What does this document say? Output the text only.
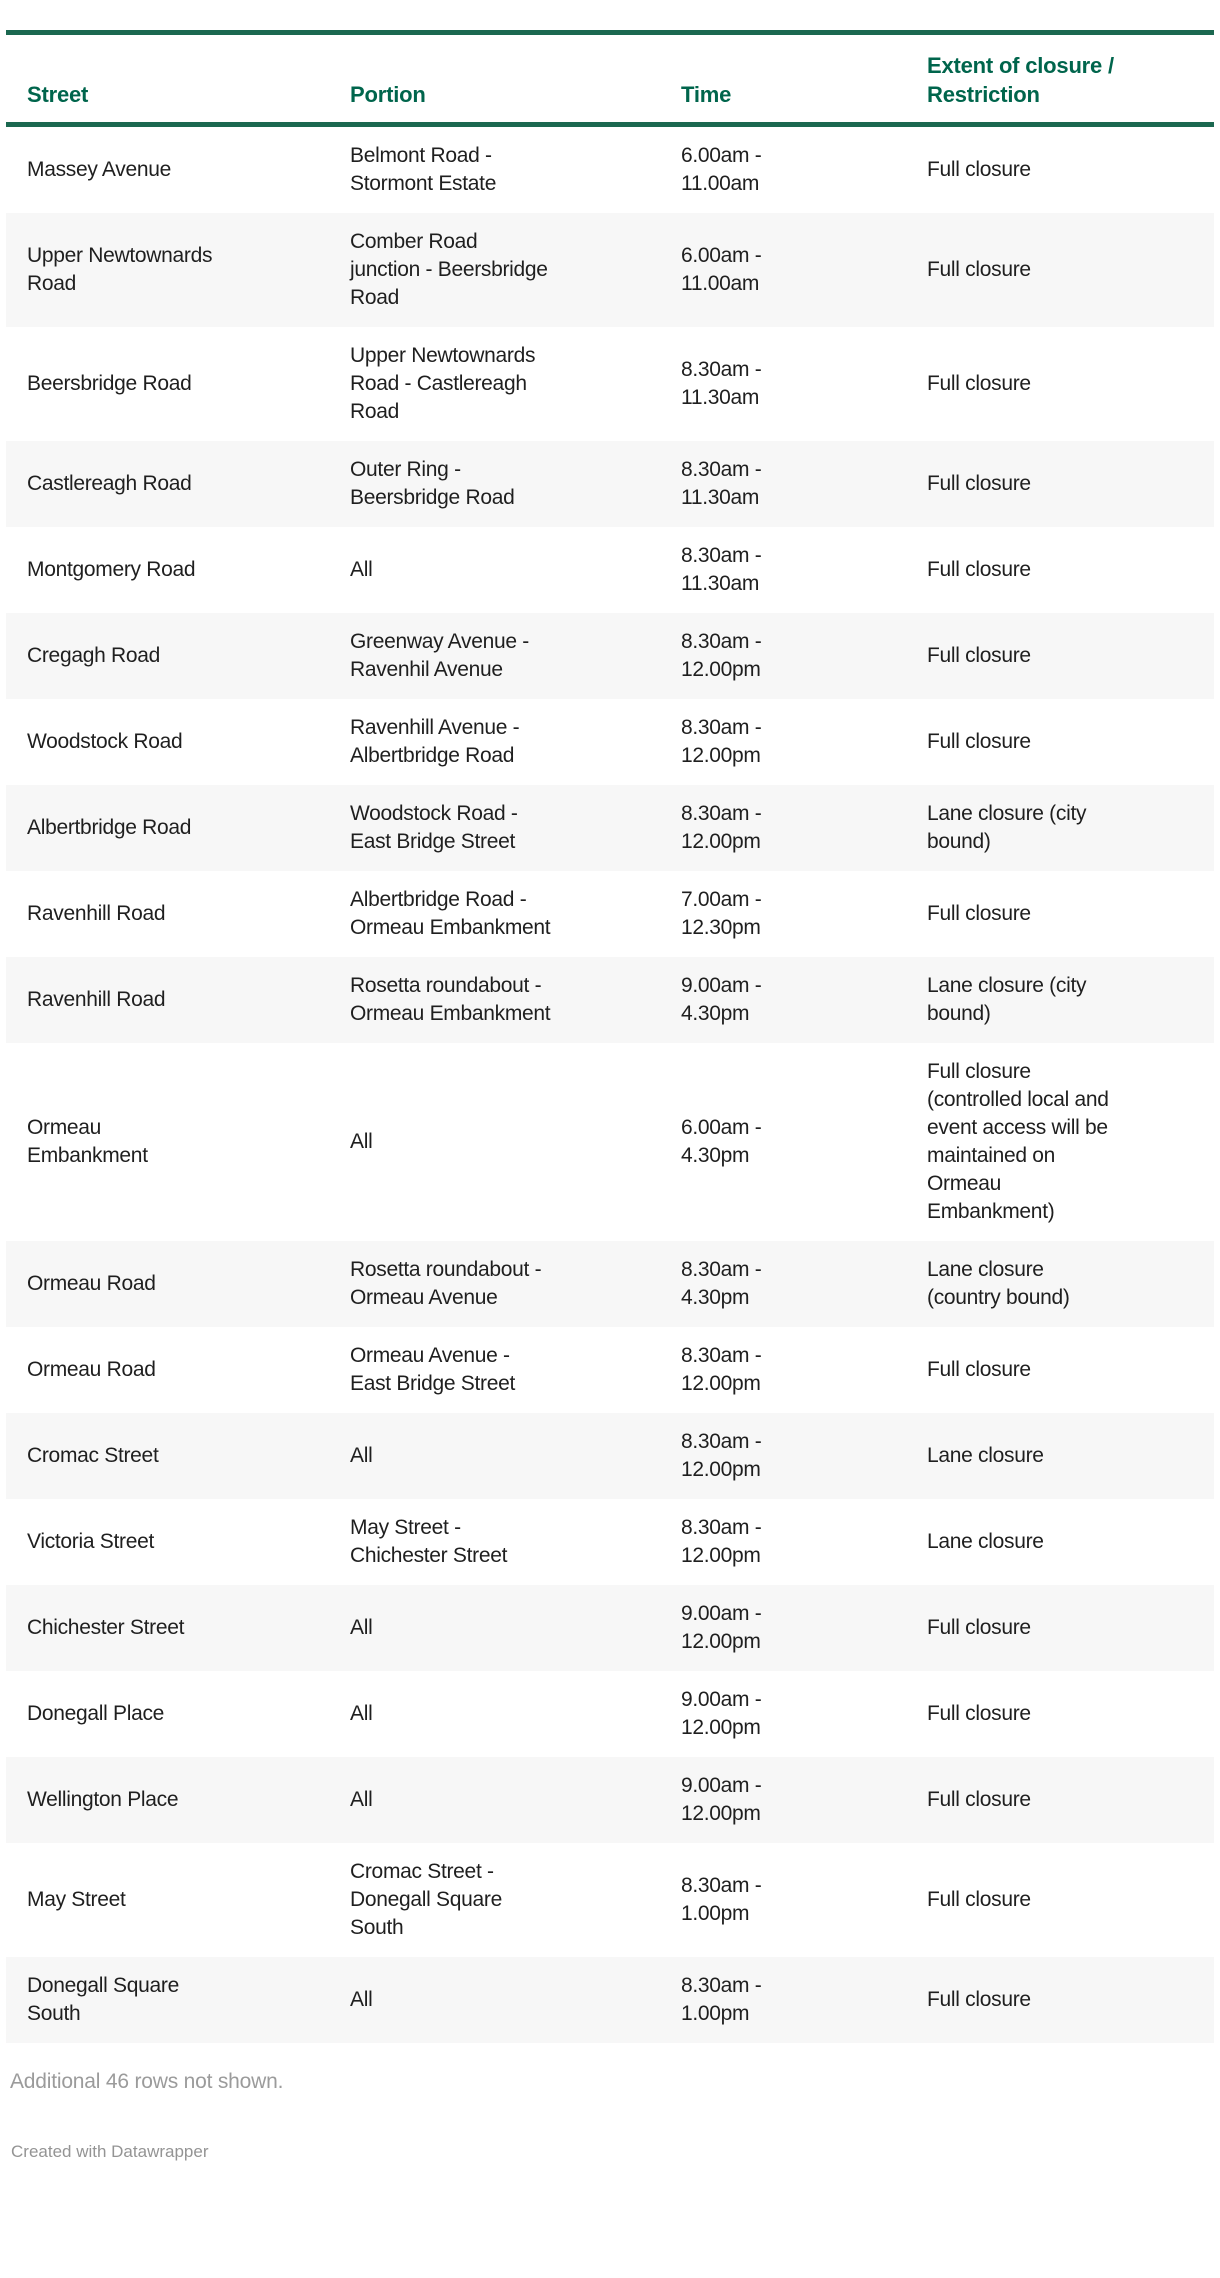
Street	Portion	Time	Extent of closure / Restriction

Massey Avenue	Belmont Road - Stormont Estate	6.00am - 11.00am	Full closure

Upper Newtownards Road	Comber Road junction - Beersbridge Road	6.00am - 11.00am	Full closure

Beersbridge Road	Upper Newtownards Road - Castlereagh Road	8.30am - 11.30am	Full closure

Castlereagh Road	Outer Ring - Beersbridge Road	8.30am - 11.30am	Full closure

Montgomery Road	All	8.30am - 11.30am	Full closure

Cregagh Road	Greenway Avenue - Ravenhil Avenue	8.30am - 12.00pm	Full closure

Woodstock Road	Ravenhill Avenue - Albertbridge Road	8.30am - 12.00pm	Full closure

Albertbridge Road	Woodstock Road - East Bridge Street	8.30am - 12.00pm	Lane closure (city bound)

Ravenhill Road	Albertbridge Road - Ormeau Embankment	7.00am - 12.30pm	Full closure

Ravenhill Road	Rosetta roundabout - Ormeau Embankment	9.00am - 4.30pm	Lane closure (city bound)

Ormeau Embankment	All	6.00am - 4.30pm	Full closure (controlled local and event access will be maintained on Ormeau Embankment)

Ormeau Road	Rosetta roundabout - Ormeau Avenue	8.30am - 4.30pm	Lane closure (country bound)

Ormeau Road	Ormeau Avenue - East Bridge Street	8.30am - 12.00pm	Full closure

Cromac Street	All	8.30am - 12.00pm	Lane closure

Victoria Street	May Street - Chichester Street	8.30am - 12.00pm	Lane closure

Chichester Street	All	9.00am - 12.00pm	Full closure

Donegall Place	All	9.00am - 12.00pm	Full closure

Wellington Place	All	9.00am - 12.00pm	Full closure

May Street	Cromac Street - Donegall Square South	8.30am - 1.00pm	Full closure

Donegall Square South	All	8.30am - 1.00pm	Full closure

Additional 46 rows not shown.

Created with Datawrapper
